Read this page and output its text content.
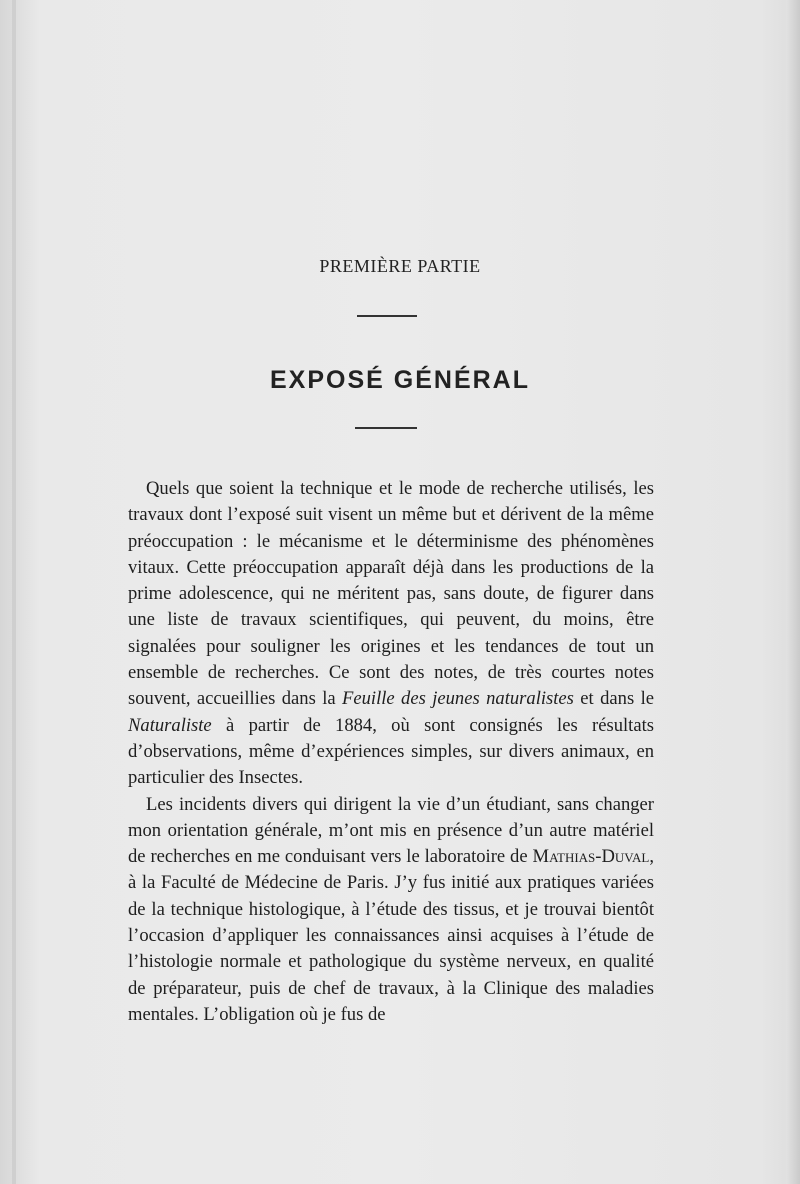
PREMIÈRE PARTIE
EXPOSÉ GÉNÉRAL

Quels que soient la technique et le mode de recherche utilisés, les travaux dont l’exposé suit visent un même but et dérivent de la même préoccupation : le mécanisme et le déterminisme des phénomènes vitaux. Cette préoccupation apparaît déjà dans les productions de la prime adolescence, qui ne méritent pas, sans doute, de figurer dans une liste de travaux scientifiques, qui peuvent, du moins, être signalées pour souligner les origines et les tendances de tout un ensemble de recherches. Ce sont des notes, de très courtes notes souvent, accueillies dans la Feuille des jeunes naturalistes et dans le Naturaliste à partir de 1884, où sont consignés les résultats d’observations, même d’expériences simples, sur divers animaux, en particulier des Insectes.

Les incidents divers qui dirigent la vie d’un étudiant, sans changer mon orientation générale, m’ont mis en présence d’un autre matériel de recherches en me conduisant vers le laboratoire de Mathias-Duval, à la Faculté de Médecine de Paris. J’y fus initié aux pratiques variées de la technique histologique, à l’étude des tissus, et je trouvai bientôt l’occasion d’appliquer les connaissances ainsi acquises à l’étude de l’histologie normale et pathologique du système nerveux, en qualité de préparateur, puis de chef de travaux, à la Clinique des maladies mentales. L’obligation où je fus de
